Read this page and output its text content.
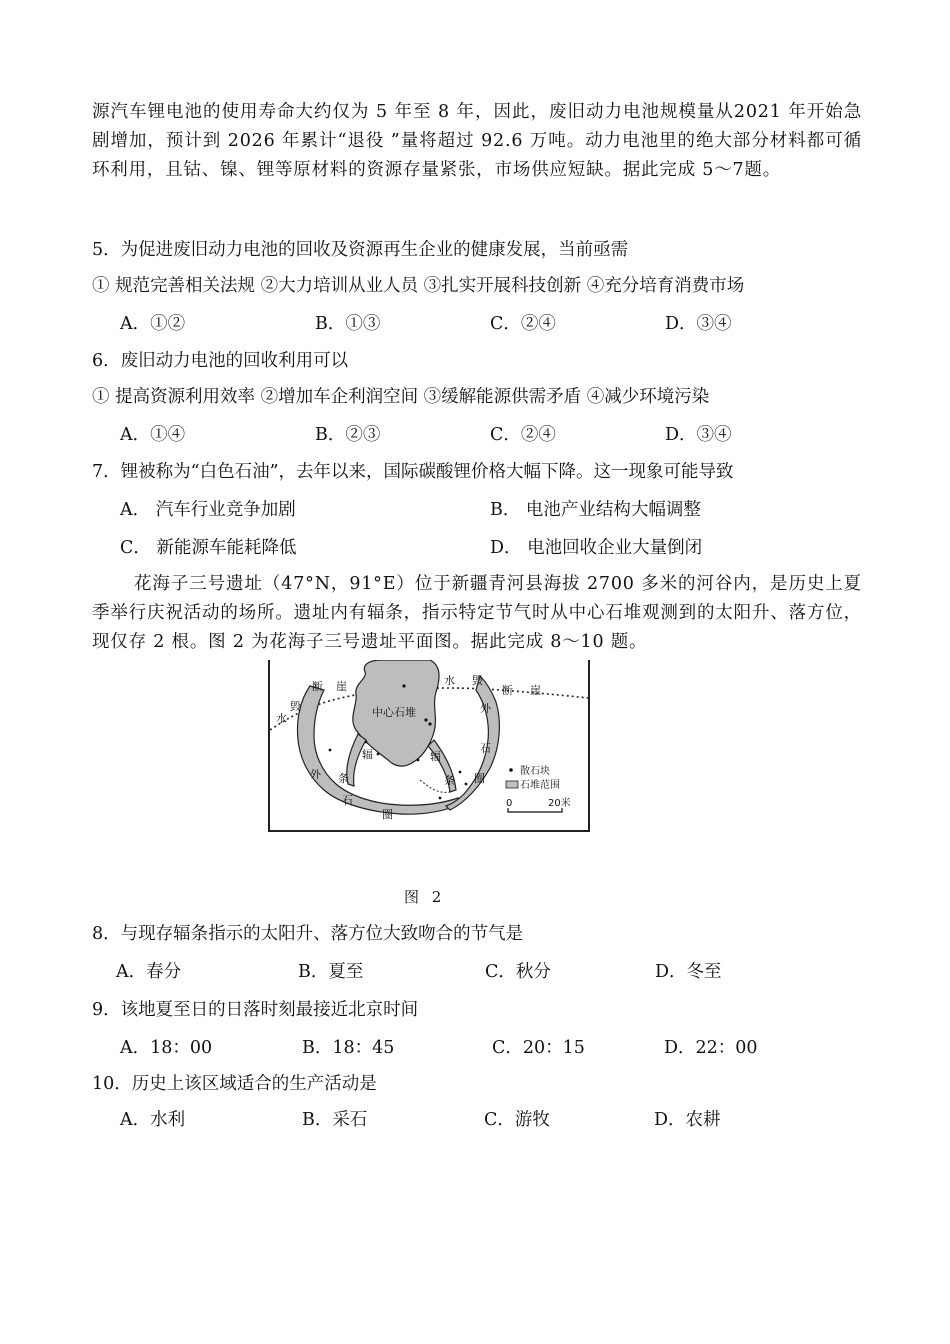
源汽车锂电池的使用寿命大约仅为 5 年至 8 年，因此，废旧动力电池规模量从2021 年开始急剧增加，预计到 2026 年累计“退役 ”量将超过 92.6 万吨。动力电池里的绝大部分材料都可循环利用，且钴、镍、锂等原材料的资源存量紧张，市场供应短缺。据此完成 5～7题。
5．为促进废旧动力电池的回收及资源再生企业的健康发展，当前亟需
① 规范完善相关法规 ②大力培训从业人员 ③扎实开展科技创新 ④充分培育消费市场
A．①②	B．①③	C．②④	D．③④
6．废旧动力电池的回收利用可以
① 提高资源利用效率 ②增加车企利润空间 ③缓解能源供需矛盾 ④减少环境污染
A．①④	B．②③	C．②④	D．③④
7．锂被称为“白色石油”，去年以来，国际碳酸锂价格大幅下降。这一现象可能导致
A． 汽车行业竞争加剧	B． 电池产业结构大幅调整
C． 新能源车能耗降低	D． 电池回收企业大量倒闭
花海子三号遗址（47°N，91°E）位于新疆青河县海拔 2700 多米的河谷内，是历史上夏季举行庆祝活动的场所。遗址内有辐条，指示特定节气时从中心石堆观测到的太阳升、落方位，现仅存 2 根。图 2 为花海子三号遗址平面图。据此完成 8～10 题。
中心石堆
水
毁
断 崖	水 毁
断 崖
外
石
圈
外
石
圈
辐
条
辐
条
散石块
石堆范围
0	20米
图 2
8．与现存辐条指示的太阳升、落方位大致吻合的节气是
A．春分	B．夏至	C．秋分	D．冬至
9．该地夏至日的日落时刻最接近北京时间
A．18：00	B．18：45	C．20：15	D．22：00
10．历史上该区域适合的生产活动是
A．水利	B．采石	C．游牧	D．农耕
